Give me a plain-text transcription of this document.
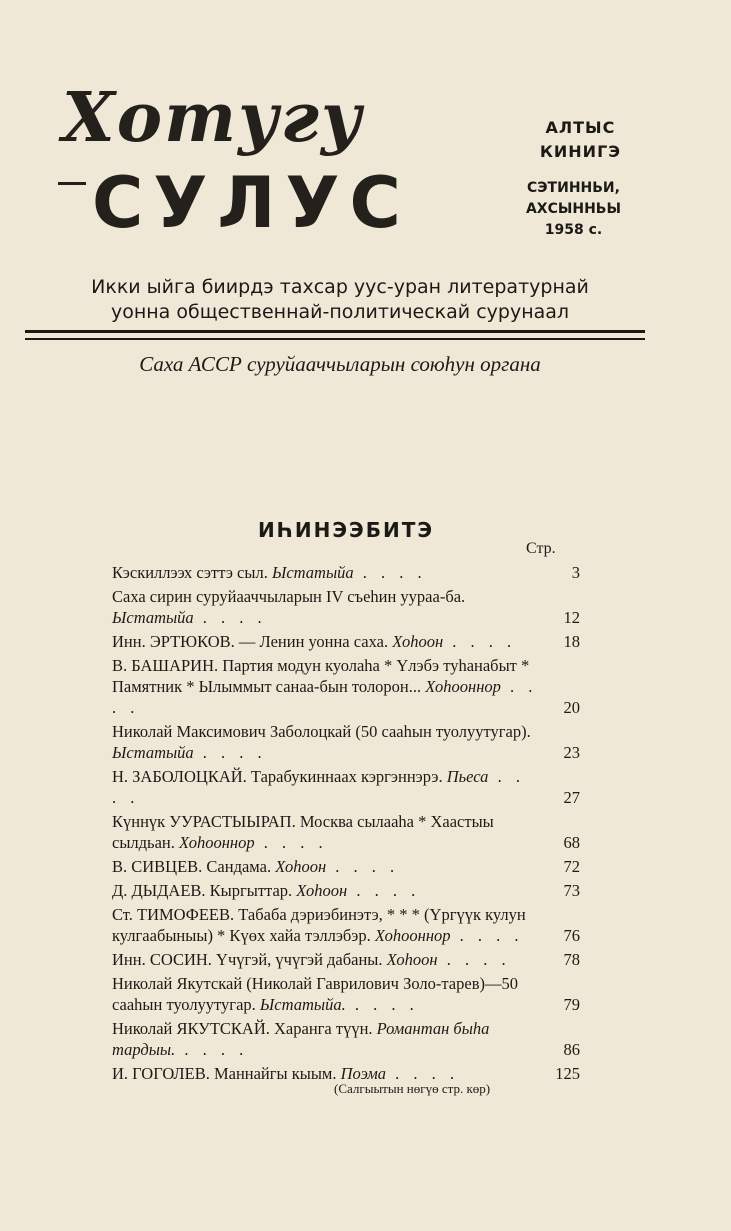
Хотугу
СУЛУС
АЛТЫС
КИНИГЭ
СЭТИННЬИ,
АХСЫННЬЫ
1958 с.
Икки ыйга биирдэ тахсар уус-уран литературнай
уонна общественнай-политическай сурунаал
Саха АССР суруйааччыларын союһун органа
ИҺИНЭЭБИТЭ
Стр.
Кэскиллээх сэттэ сыл. Ыстатыйа . . . .	3
Саха сирин суруйааччыларын IV съеһин уураа-ба. Ыстатыйа . . . .	12
Инн. ЭРТЮКОВ. — Ленин уонна саха. Хоһоон . . . .	18
В. БАШАРИН. Партия модун куолаһа * Үлэбэ туһанабыт * Памятник * Ылыммыт санаа-бын толорон... Хоһооннор . . . .	20
Николай Максимович Заболоцкай (50 сааһын туолуутугар). Ыстатыйа . . . .	23
Н. ЗАБОЛОЦКАЙ. Тарабукиннаах кэргэннэрэ. Пьеса . . . .	27
Күннүк УУРАСТЫЫРАП. Москва сылааһа * Хаастыы сылдьан. Хоһооннор . . . .	68
В. СИВЦЕВ. Сандама. Хоһоон . . . .	72
Д. ДЫДАЕВ. Кыргыттар. Хоһоон . . . .	73
Ст. ТИМОФЕЕВ. Табаба дэриэбинэтэ, * * * (Үргүүк кулун кулгаабыныы) * Күөх хайа тэллэбэр. Хоһооннор . . . .	76
Инн. СОСИН. Үчүгэй, үчүгэй дабаны. Хоһоон . . . .	78
Николай Якутскай (Николай Гаврилович Золо-тарев)—50 сааһын туолуутугар. Ыстатыйа. . . . .	79
Николай ЯКУТСКАЙ. Харанга түүн. Романтан быһа тардыы. . . . .	86
И. ГОГОЛЕВ. Маннайгы кыым. Поэма . . . .	125
(Салгыытын нөгүө стр. көр)
